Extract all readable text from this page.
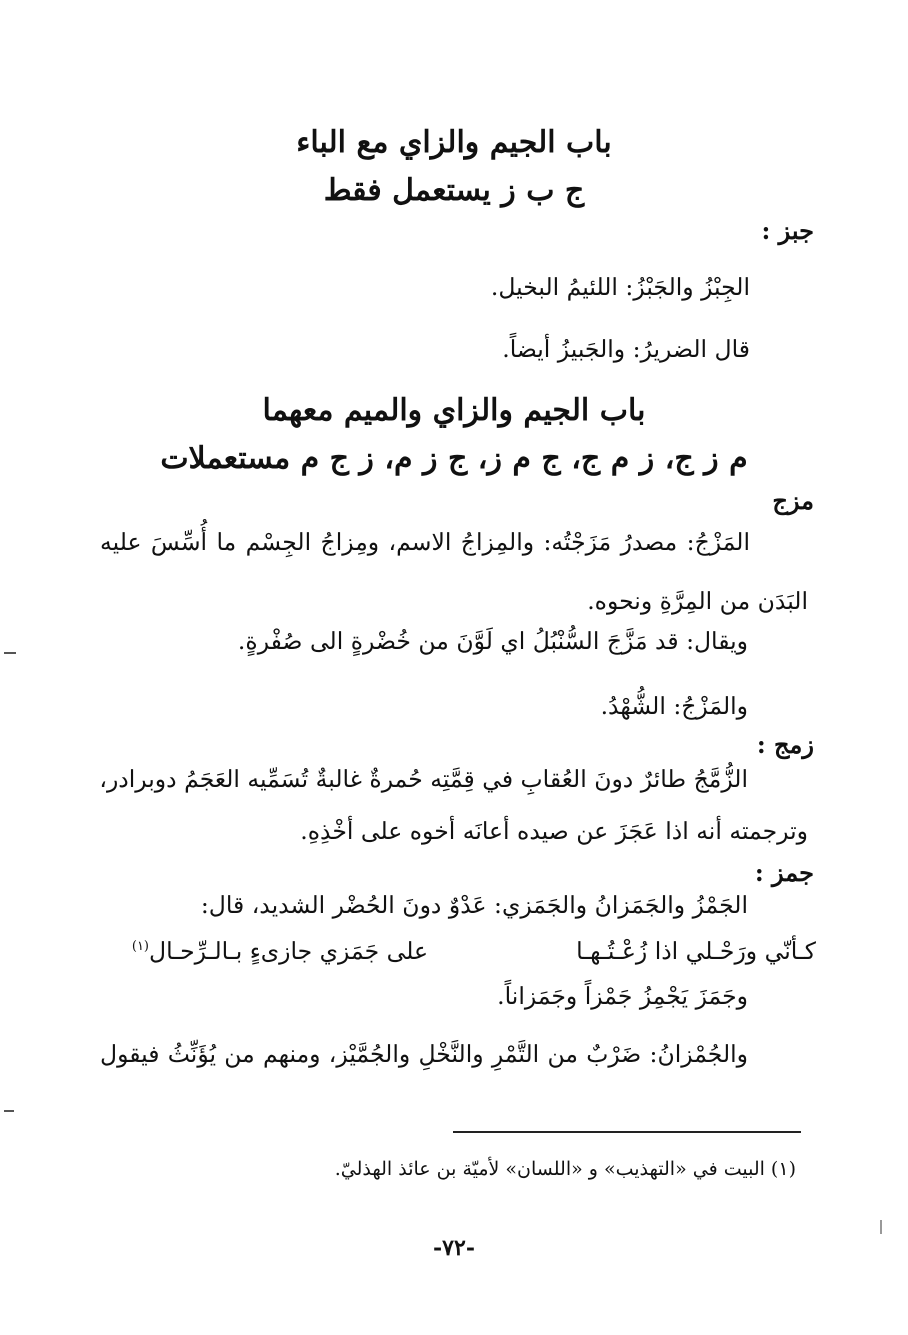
باب الجيم والزاي مع الباء
ج ب ز يستعمل فقط
جبز :
الجِبْزُ والجَبْزُ: اللئيمُ البخيل.
قال الضريرُ: والجَبيزُ أيضاً.
باب الجيم والزاي والميم معهما
م ز ج، ز م ج، ج م ز، ج ز م، ز ج م مستعملات
مزج
المَزْجُ: مصدرُ مَزَجْتُه: والمِزاجُ الاسم، ومِزاجُ الجِسْم ما أُسِّسَ عليه
البَدَن من المِرَّةِ ونحوه.
ويقال: قد مَزَّجَ السُّنْبُلُ اي لَوَّنَ من خُضْرةٍ الى صُفْرةٍ.
والمَزْجُ: الشُّهْدُ.
زمج :
الزُّمَّجُ طائرٌ دونَ العُقابِ في قِمَّتِه حُمرةٌ غالبةٌ تُسَمِّيه العَجَمُ دوبرادر،
وترجمته أنه اذا عَجَزَ عن صيده أعانَه أخوه على أخْذِهِ.
جمز :
الجَمْزُ والجَمَزانُ والجَمَزي: عَدْوٌ دونَ الحُضْر الشديد، قال:
كـأنّي ورَحْـلي اذا زُعْـتُـهـا
على جَمَزي جازىءٍ بـالـرِّحـال$^{(١)}$
وجَمَزَ يَجْمِزُ جَمْزاً وجَمَزاناً.
والجُمْزانُ: ضَرْبٌ من التَّمْرِ والنَّخْلِ والجُمَّيْز، ومنهم من يُؤَنِّثُ فيقول
(١) البيت في «التهذيب» و «اللسان» لأميّة بن عائذ الهذليّ.
-٧٢-
